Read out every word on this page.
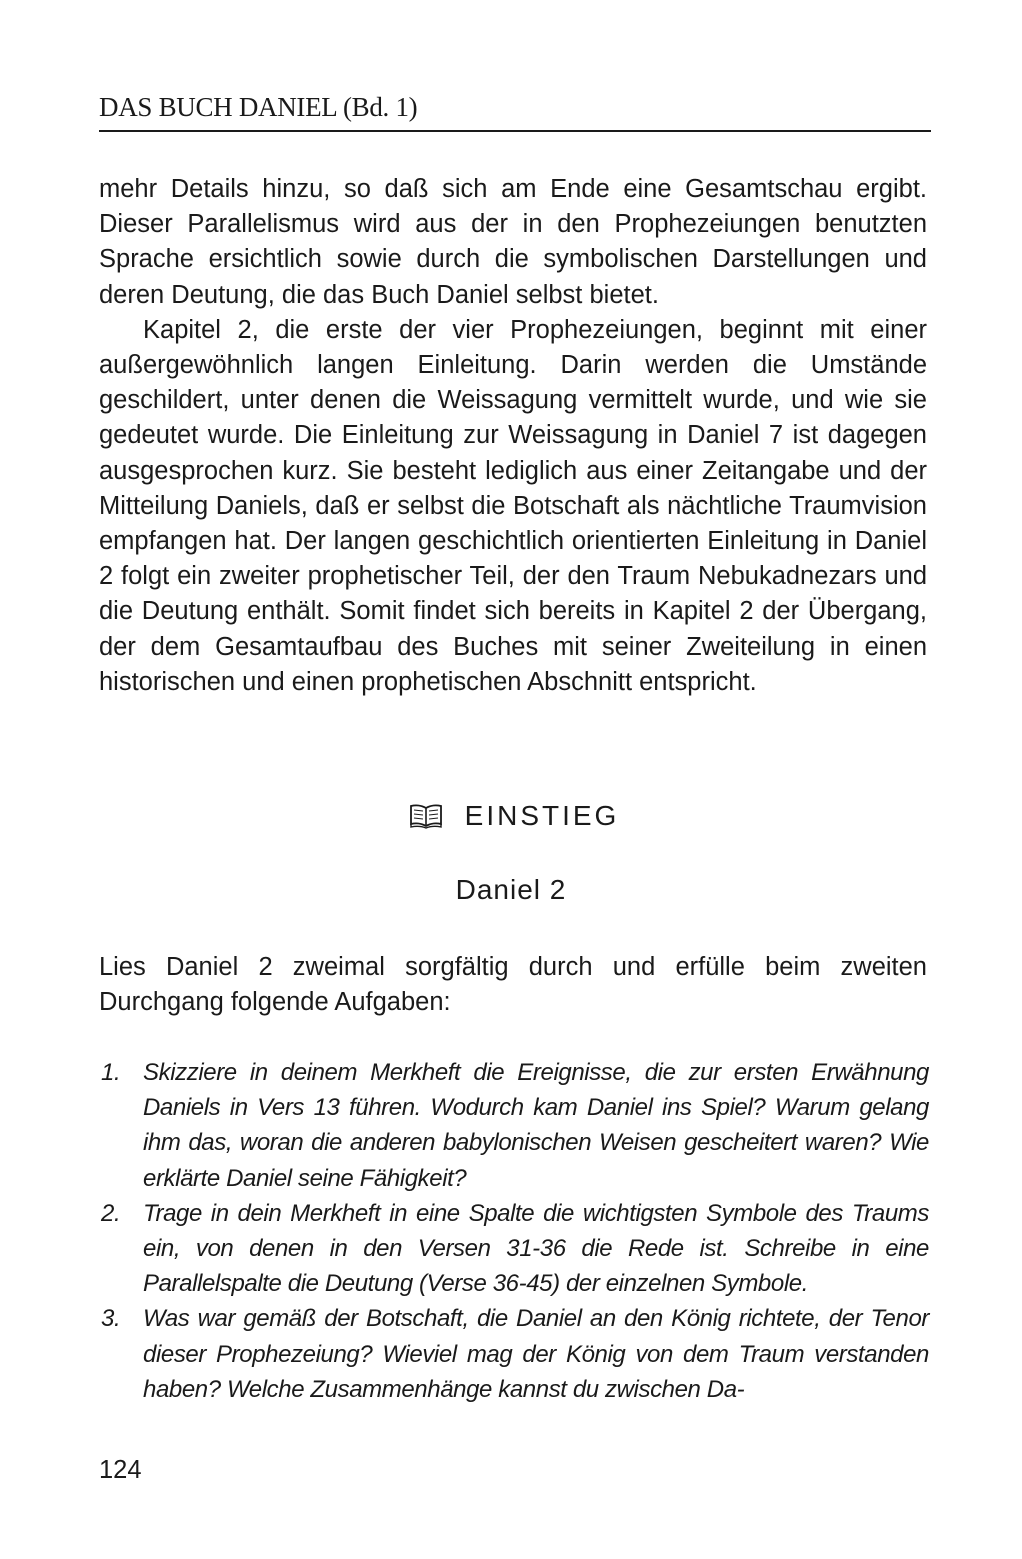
DAS BUCH DANIEL (Bd. 1)

mehr Details hinzu, so daß sich am Ende eine Gesamtschau ergibt. Dieser Parallelismus wird aus der in den Prophezeiungen benutzten Sprache ersichtlich sowie durch die symbolischen Darstellungen und deren Deutung, die das Buch Daniel selbst bietet.

Kapitel 2, die erste der vier Prophezeiungen, beginnt mit einer außergewöhnlich langen Einleitung. Darin werden die Umstände geschildert, unter denen die Weissagung vermittelt wurde, und wie sie gedeutet wurde. Die Einleitung zur Weissagung in Daniel 7 ist dagegen ausgesprochen kurz. Sie besteht lediglich aus einer Zeitangabe und der Mitteilung Daniels, daß er selbst die Botschaft als nächtliche Traumvision empfangen hat. Der langen geschichtlich orientierten Einleitung in Daniel 2 folgt ein zweiter prophetischer Teil, der den Traum Nebukadnezars und die Deutung enthält. Somit findet sich bereits in Kapitel 2 der Übergang, der dem Gesamtaufbau des Buches mit seiner Zweiteilung in einen historischen und einen prophetischen Abschnitt entspricht.

EINSTIEG
Daniel 2

Lies Daniel 2 zweimal sorgfältig durch und erfülle beim zweiten Durchgang folgende Aufgaben:

1. Skizziere in deinem Merkheft die Ereignisse, die zur ersten Erwähnung Daniels in Vers 13 führen. Wodurch kam Daniel ins Spiel? Warum gelang ihm das, woran die anderen babylonischen Weisen gescheitert waren? Wie erklärte Daniel seine Fähigkeit?
2. Trage in dein Merkheft in eine Spalte die wichtigsten Symbole des Traums ein, von denen in den Versen 31-36 die Rede ist. Schreibe in eine Parallelspalte die Deutung (Verse 36-45) der einzelnen Symbole.
3. Was war gemäß der Botschaft, die Daniel an den König richtete, der Tenor dieser Prophezeiung? Wieviel mag der König von dem Traum verstanden haben? Welche Zusammenhänge kannst du zwischen Da-
124
